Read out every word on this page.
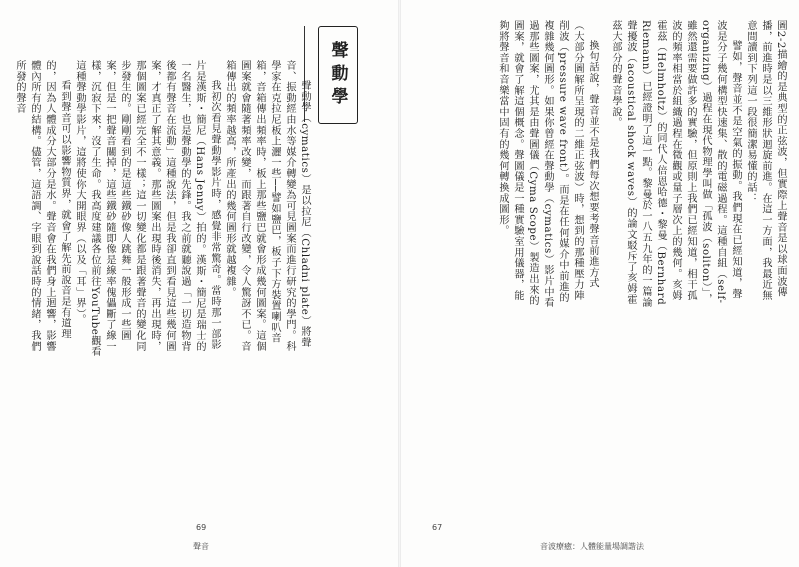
圖2-2描繪的是典型的正弦波，但實際上聲音是以球面波傳播，前進時是以三維形狀迴旋前進。在這一方面，我最近無意間讀到下列這一段很簡潔易懂的話：

譬如，聲音並不是空氣的振動。我們現在已經知道，聲波是分子幾何構型快速集、散的電磁過程。這種自組（self-organizing）過程在現代物理學叫做「孤波（soliton）」，雖然還需要做許多的實驗，但原則上我們已經知道，相干孤波的頻率相當於組織過程在微觀或量子層次上的幾何。亥姆霍茲（Helmholtz）的同代人倍恩哈德・黎曼（Bernhard Riemann）已經證明了這一點。黎曼於一八五九年的一篇論聲擾波（acoustical shock waves）的論文駁斥了亥姆霍茲大部分的聲音學說。

換句話說，聲音並不是我們每次想要考聲音前進方式（大部分圖解所呈現的二維正弦波）時，想到的那種壓力陣削波（pressure wave front）。而是在任何媒介中前進的複雜幾何圖形。如果你曾經在聲動學（cymatics）影片中看過那些圖案，尤其是由聲圖儀（Cyma Scope）製造出來的圖案，就會了解這個概念。聲圖儀是一種實驗室用儀器，能夠將聲音和音樂當中固有的幾何轉換成圖形。

67
音波療癒：人體能量場調諧法
聲動學

聲動學（cymatics）是以拉尼（Chladni plate）將聲音、振動經由水等媒介轉變為可見圖案而進行研究的學門。科學家在克拉尼板上灑一些──譬如鹽巴，板子下方裝置喇叭音箱，音箱傳出頻率時，板上那些鹽巴就會形成幾何圖案。這個圖案就會隨著頻率改變，而跟著自行改變，令人驚訝不已。音箱傳出的頻率越高，所產出的幾何圖形就越複雜。

我初次看見聲動學影片時，感覺非常驚奇。當時那一部影片是漢斯・簡尼（Hans Jenny）拍的。漢斯・簡尼是瑞士的一名醫生，也是聲動學的先鋒。我之前就聽說過「一切造物背後都有聲音在流動」這種說法，但是我卻直到看見這些幾何圖案，才真正了解其意義。那些圖案出現時後消失，再出現時，那個圖案已經完全不一樣；這一切變化都是跟著聲音的變化同步發生的。剛剛看到的是這些鐵砂像人跳舞一般形成一些圖案，但是一把聲音關掉，這些鐵砂隨即像是線率傀儡斷了線一樣，沉寂下來，沒了生命。我高度建議各位前往YouTube觀看這種聲動學影片，這將使你大開眼界（以及「耳」界）。

看到聲音可以影響物質界，就會了解先前說音是有道理的，因為人體成分大部分是水。聲音會在我們身上迴響，影響體內所有的結構。儘管，這語調、字眼到說話時的情緒，我們所發的聲音

69
聲音
